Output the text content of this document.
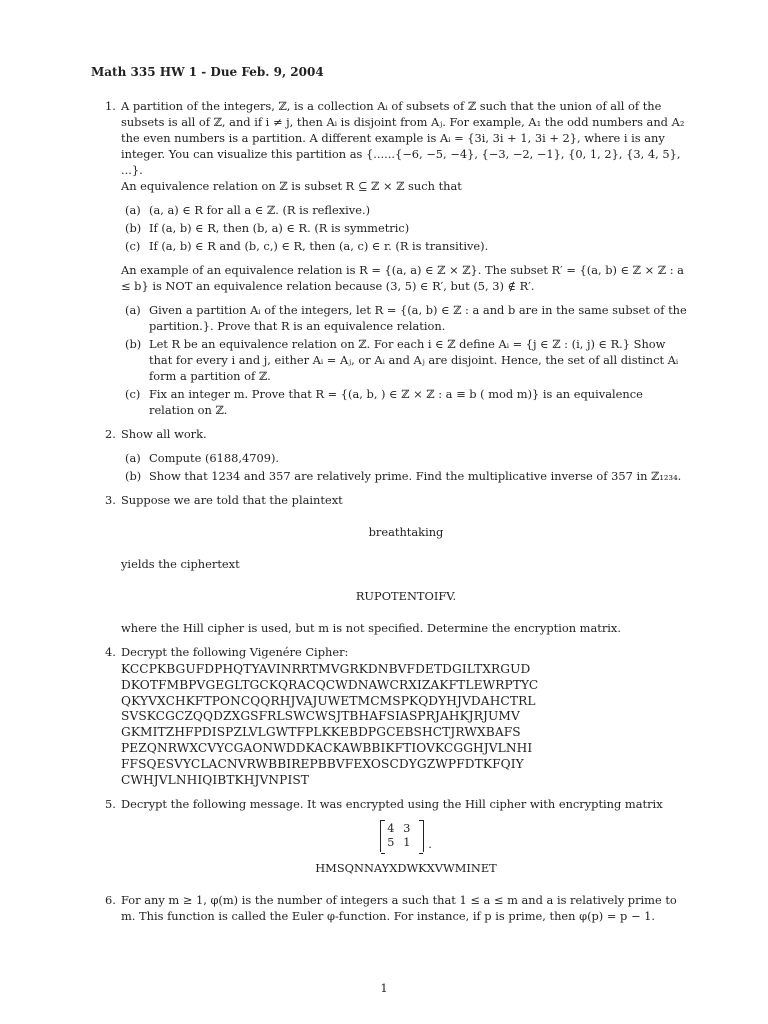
Math 335 HW 1 - Due Feb. 9, 2004
1. A partition of the integers, ℤ, is a collection Aᵢ of subsets of ℤ such that the union of all of the subsets is all of ℤ, and if i ≠ j, then Aᵢ is disjoint from Aⱼ. For example, A₁ the odd numbers and A₂ the even numbers is a partition. A different example is Aᵢ = {3i, 3i + 1, 3i + 2}, where i is any integer. You can visualize this partition as {......{−6, −5, −4}, {−3, −2, −1}, {0, 1, 2}, {3, 4, 5}, ...}.
An equivalence relation on ℤ is subset R ⊆ ℤ × ℤ such that
(a) (a, a) ∈ R for all a ∈ ℤ. (R is reflexive.)
(b) If (a, b) ∈ R, then (b, a) ∈ R. (R is symmetric)
(c) If (a, b) ∈ R and (b, c,) ∈ R, then (a, c) ∈ r. (R is transitive).
An example of an equivalence relation is R = {(a, a) ∈ ℤ × ℤ}. The subset R′ = {(a, b) ∈ ℤ × ℤ : a ≤ b} is NOT an equivalence relation because (3, 5) ∈ R′, but (5, 3) ∉ R′.
(a) Given a partition Aᵢ of the integers, let R = {(a, b) ∈ ℤ : a and b are in the same subset of the partition.}. Prove that R is an equivalence relation.
(b) Let R be an equivalence relation on ℤ. For each i ∈ ℤ define Aᵢ = {j ∈ ℤ : (i, j) ∈ R.} Show that for every i and j, either Aᵢ = Aⱼ, or Aᵢ and Aⱼ are disjoint. Hence, the set of all distinct Aᵢ form a partition of ℤ.
(c) Fix an integer m. Prove that R = {(a, b, ) ∈ ℤ × ℤ : a ≡ b ( mod m)} is an equivalence relation on ℤ.
2. Show all work.
(a) Compute (6188,4709).
(b) Show that 1234 and 357 are relatively prime. Find the multiplicative inverse of 357 in ℤ₁₂₃₄.
3. Suppose we are told that the plaintext
breathtaking
yields the ciphertext
RUPOTENTOIFV.
where the Hill cipher is used, but m is not specified. Determine the encryption matrix.
4. Decrypt the following Vigenére Cipher:
KCCPKBGUFDPHQTYAVINRRTMVGRKDNBVFDETDGILTXRGUD
DKOTFMBPVGEGLTGCKQRACQCWDNAWCRXIZAKFTLEWRPTYC
QKYVXCHKFTPONCQQRHJVAJUWETMCMSPKQDYHJVDAHCTRL
SVSKCGCZQQDZXGSFRLSWCWSJTBHAFSIASPRJAHKJRJUMV
GKMITZHFPDISPZLVLGWTFPLKKEBDPGCEBSHCTJRWXBAFS
PEZQNRWXCVYCGAONWDDKACKAWBBIKFTIOVKCGGHJVLNHI
FFSQESVYCLACNVRWBBIREPBBVFEXOSCDYGZWPFDTKFQIY
CWHJVLNHIQIBTKHJVNPIST
5. Decrypt the following message. It was encrypted using the Hill cipher with encrypting matrix
4 3
5 1	.
HMSQNNAYXDWKXVWMINET
6. For any m ≥ 1, φ(m) is the number of integers a such that 1 ≤ a ≤ m and a is relatively prime to m. This function is called the Euler φ-function. For instance, if p is prime, then φ(p) = p − 1.
1
